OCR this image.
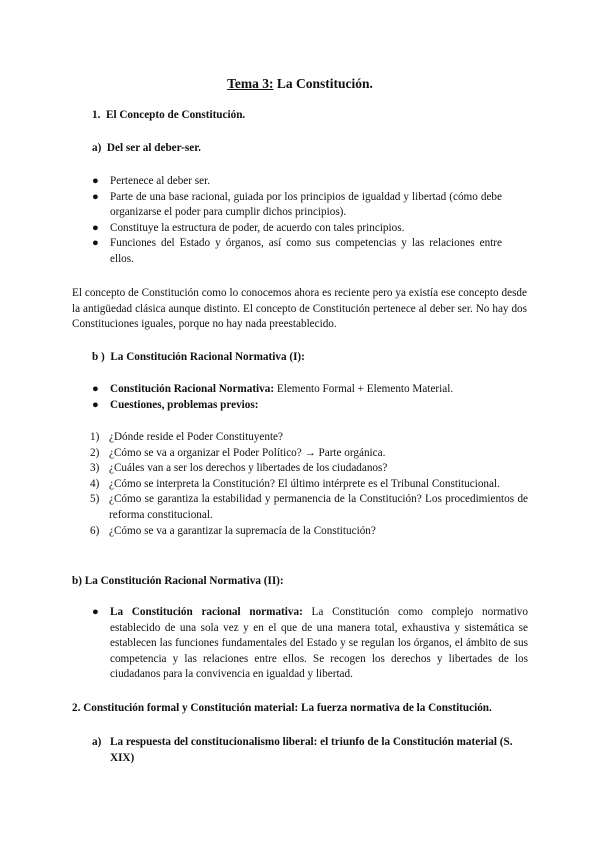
Tema 3: La Constitución.
1. El Concepto de Constitución.
a) Del ser al deber-ser.
● Pertenece al deber ser.
● Parte de una base racional, guiada por los principios de igualdad y libertad (cómo debe organizarse el poder para cumplir dichos principios).
● Constituye la estructura de poder, de acuerdo con tales principios.
● Funciones del Estado y órganos, así como sus competencias y las relaciones entre ellos.
El concepto de Constitución como lo conocemos ahora es reciente pero ya existía ese concepto desde la antigüedad clásica aunque distinto. El concepto de Constitución pertenece al deber ser. No hay dos Constituciones iguales, porque no hay nada preestablecido.
b ) La Constitución Racional Normativa (I):
● Constitución Racional Normativa: Elemento Formal + Elemento Material.
● Cuestiones, problemas previos:
1) ¿Dónde reside el Poder Constituyente?
2) ¿Cómo se va a organizar el Poder Político? → Parte orgánica.
3) ¿Cuáles van a ser los derechos y libertades de los ciudadanos?
4) ¿Cómo se interpreta la Constitución? El último intérprete es el Tribunal Constitucional.
5) ¿Cómo se garantiza la estabilidad y permanencia de la Constitución? Los procedimientos de reforma constitucional.
6) ¿Cómo se va a garantizar la supremacía de la Constitución?
b) La Constitución Racional Normativa (II):
● La Constitución racional normativa: La Constitución como complejo normativo establecido de una sola vez y en el que de una manera total, exhaustiva y sistemática se establecen las funciones fundamentales del Estado y se regulan los órganos, el ámbito de sus competencia y las relaciones entre ellos. Se recogen los derechos y libertades de los ciudadanos para la convivencia en igualdad y libertad.
2. Constitución formal y Constitución material: La fuerza normativa de la Constitución.
a) La respuesta del constitucionalismo liberal: el triunfo de la Constitución material (S. XIX)
